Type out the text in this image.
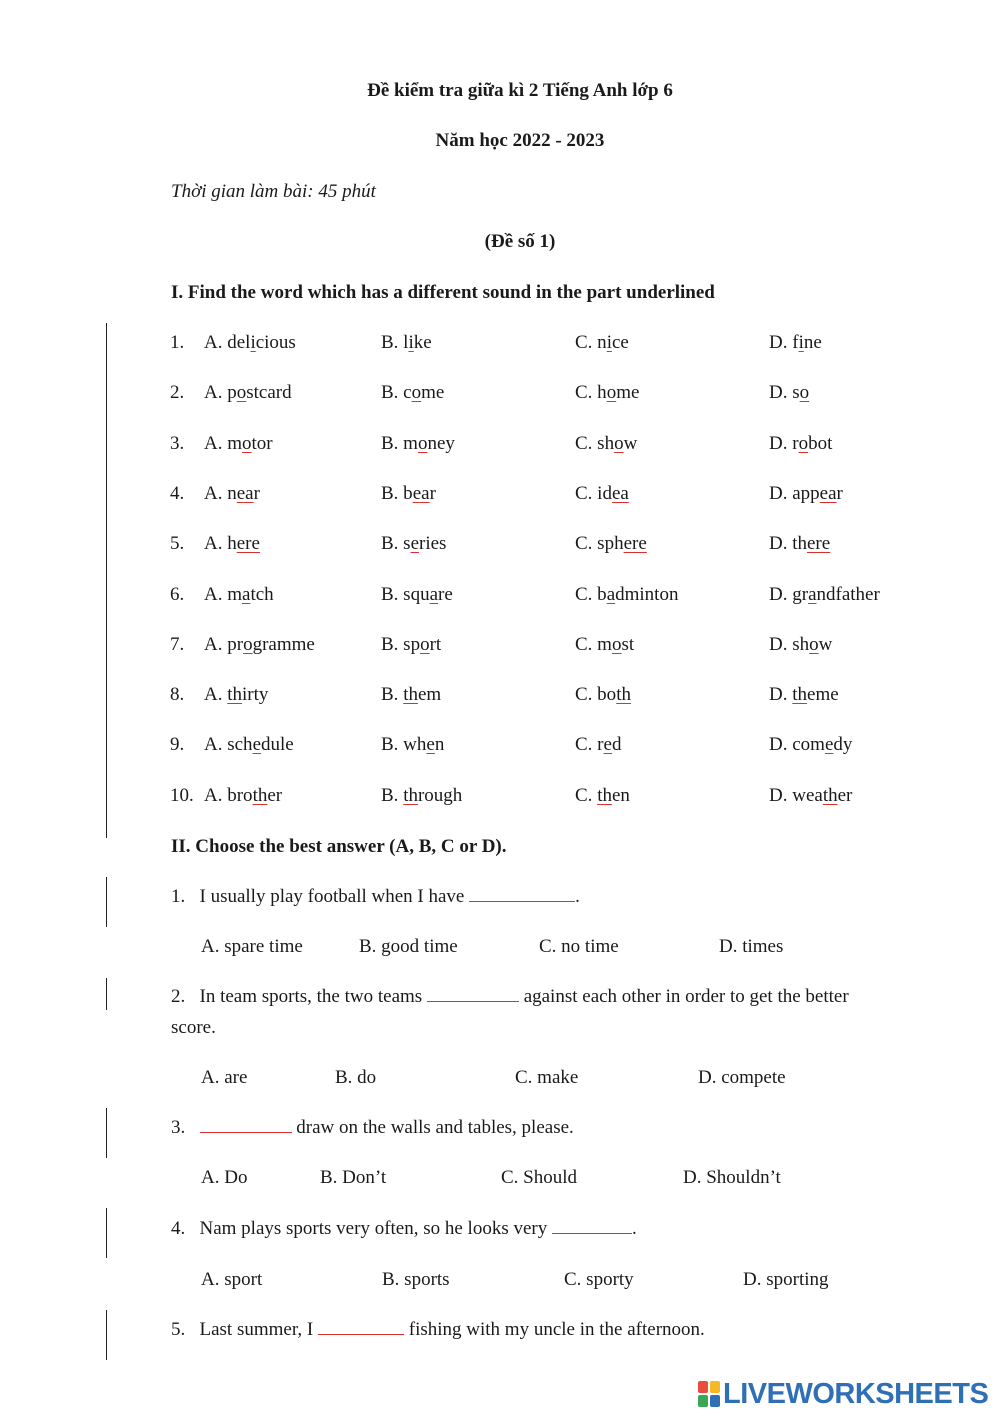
Đề kiểm tra giữa kì 2 Tiếng Anh lớp 6
Năm học 2022 - 2023
Thời gian làm bài: 45 phút
(Đề số 1)
I. Find the word which has a different sound in the part underlined
1. A. delicious	B. like	C. nice	D. fine
2. A. postcard	B. come	C. home	D. so
3. A. motor	B. money	C. show	D. robot
4. A. near	B. bear	C. idea	D. appear
5. A. here	B. series	C. sphere	D. there
6. A. match	B. square	C. badminton	D. grandfather
7. A. programme	B. sport	C. most	D. show
8. A. thirty	B. them	C. both	D. theme
9. A. schedule	B. when	C. red	D. comedy
10. A. brother	B. through	C. then	D. weather
II. Choose the best answer (A, B, C or D).
1. I usually play football when I have	.
A. spare time	B. good time	C. no time	D. times
2. In team sports, the two teams	against each other in order to get the better
score.
A. are	B. do	C. make	D. compete
3.	draw on the walls and tables, please.
A. Do	B. Don’t	C. Should	D. Shouldn’t
4. Nam plays sports very often, so he looks very	.
A. sport	B. sports	C. sporty	D. sporting
5. Last summer, I	fishing with my uncle in the afternoon.
LIVEWORKSHEETS
